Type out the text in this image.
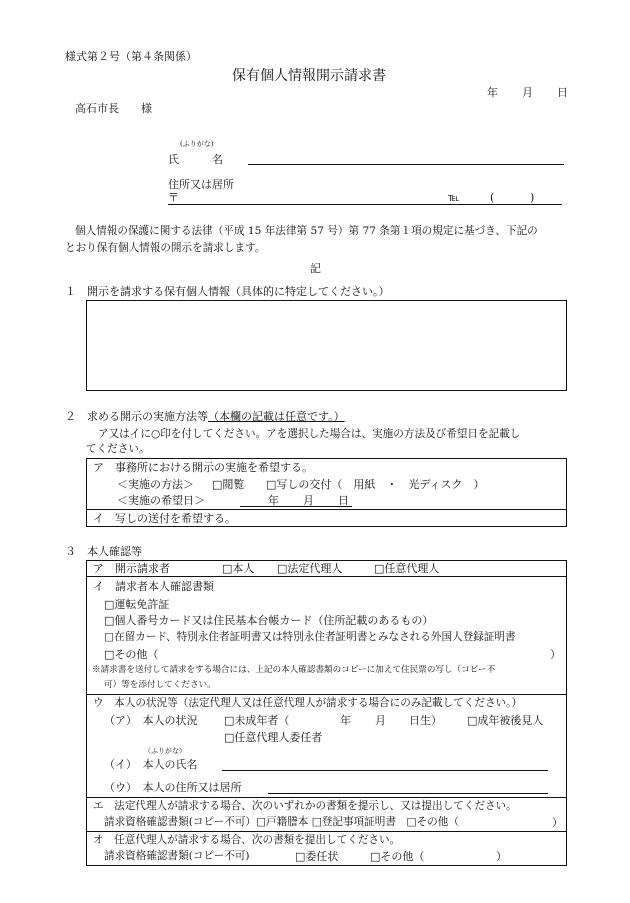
様式第２号（第４条関係）
保有個人情報開示請求書
年 月 日
高石市長　　様
(ふりがな)
氏　　　名
住所又は居所
〒	℡	(	)
個人情報の保護に関する法律（平成 15 年法律第 57 号）第 77 条第１項の規定に基づき、下記の
とおり保有個人情報の開示を請求します。
記
１　開示を請求する保有個人情報（具体的に特定してください。）
２　求める開示の実施方法等（本欄の記載は任意です。）
ア又はイに○印を付してください。アを選択した場合は、実施の方法及び希望日を記載し
てください。
ア　事務所における開示の実施を希望する。
＜実施の方法＞ □閲覧 □写しの交付（　用紙　・　光ディスク　）
＜実施の希望日＞	年 月 日
イ　写しの送付を希望する。
３　本人確認等
ア　開示請求者	□本人 □法定代理人	□任意代理人
イ　請求者本人確認書類
□運転免許証
□個人番号カード又は住民基本台帳カード（住所記載のあるもの）
□在留カード、特別永住者証明書又は特別永住者証明書とみなされる外国人登録証明書
□その他（	）
※請求書を送付して請求をする場合には、上記の本人確認書類のコピーに加えて住民票の写し（コピー不
可）等を添付してください。
ウ　本人の状況等（法定代理人又は任意代理人が請求する場合にのみ記載してください。）
（ア）　本人の状況 □未成年者（	年 月 日生） □成年被後見人
□任意代理人委任者
（ふりがな）
（イ）　本人の氏名
（ウ）　本人の住所又は居所
エ　法定代理人が請求する場合、次のいずれかの書類を提示し、又は提出してください。
請求資格確認書類(コピー不可）□戸籍謄本 □登記事項証明書　□その他（	）
オ　任意代理人が請求する場合、次の書類を提出してください。
請求資格確認書類(コピー不可)	□委任状	□その他（	）
